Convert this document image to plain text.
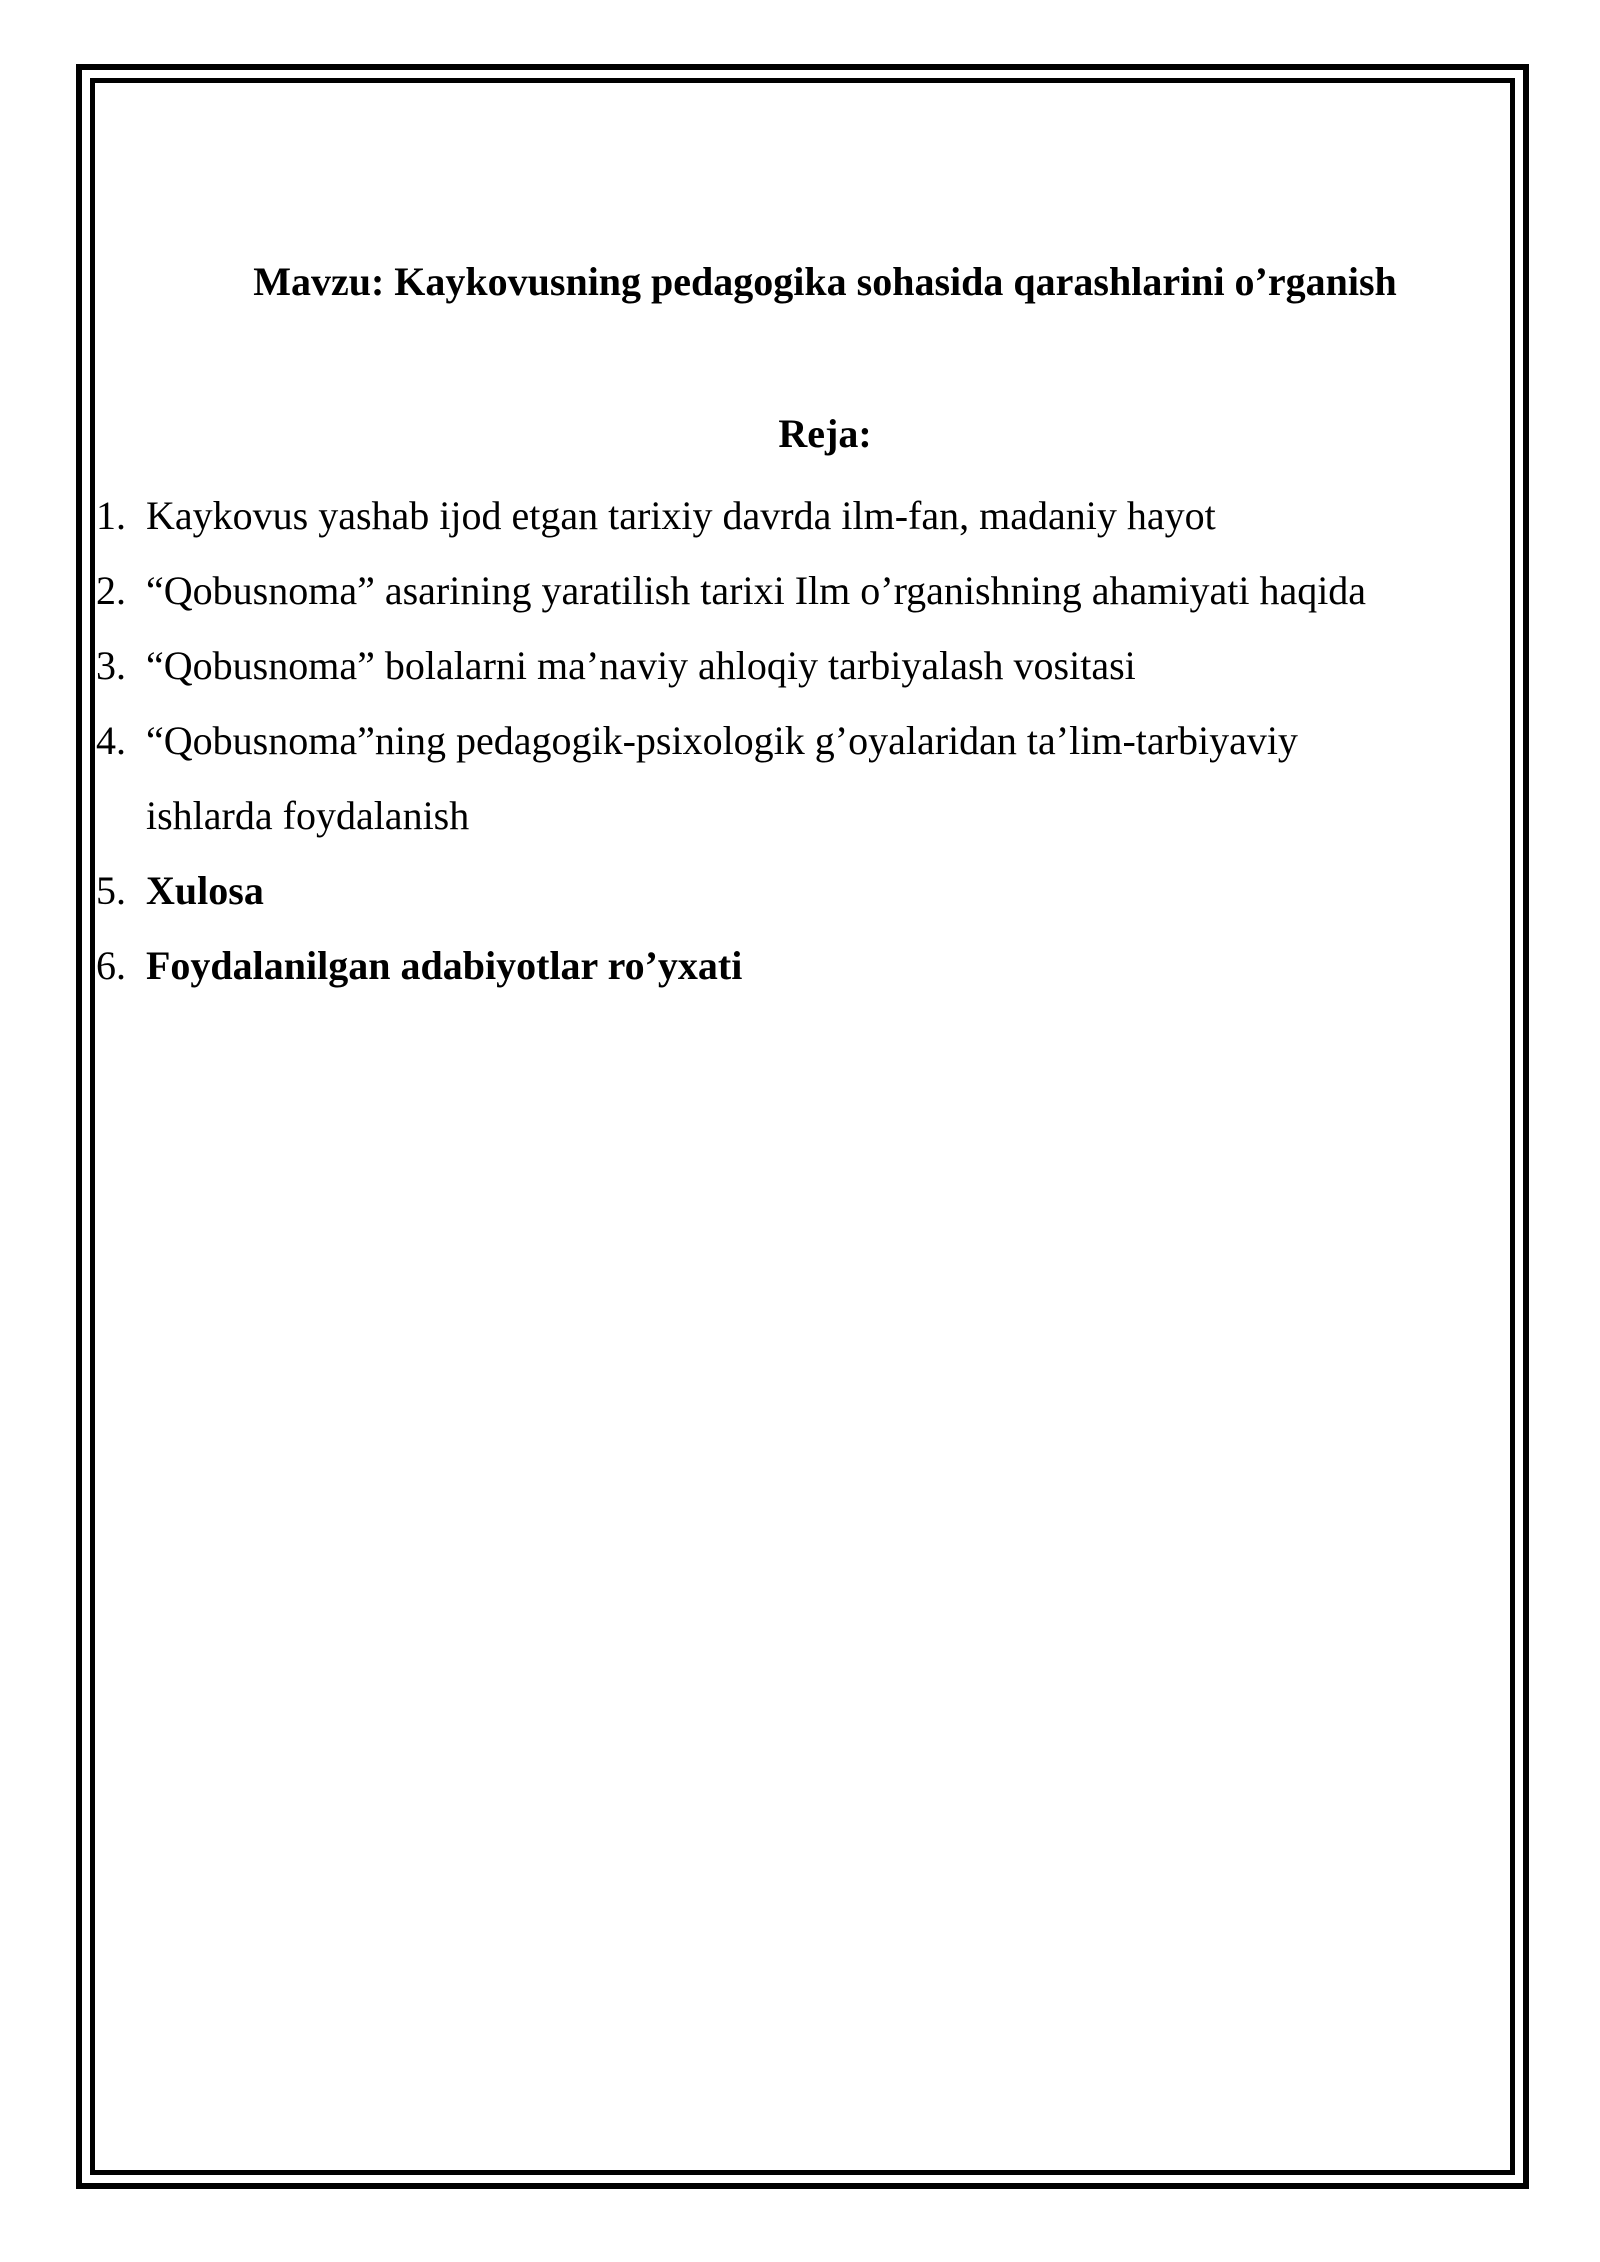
Mavzu: Kaykovusning pedagogika sohasida qarashlarini o’rganish
Reja:
1. Kaykovus yashab ijod etgan tarixiy davrda ilm-fan, madaniy hayot
2. “Qobusnoma” asarining yaratilish tarixi Ilm o’rganishning ahamiyati haqida
3. “Qobusnoma” bolalarni ma’naviy ahloqiy tarbiyalash vositasi
4. “Qobusnoma”ning pedagogik-psixologik g’oyalaridan ta’lim-tarbiyaviy
ishlarda foydalanish
5. Xulosa
6. Foydalanilgan adabiyotlar ro’yxati
